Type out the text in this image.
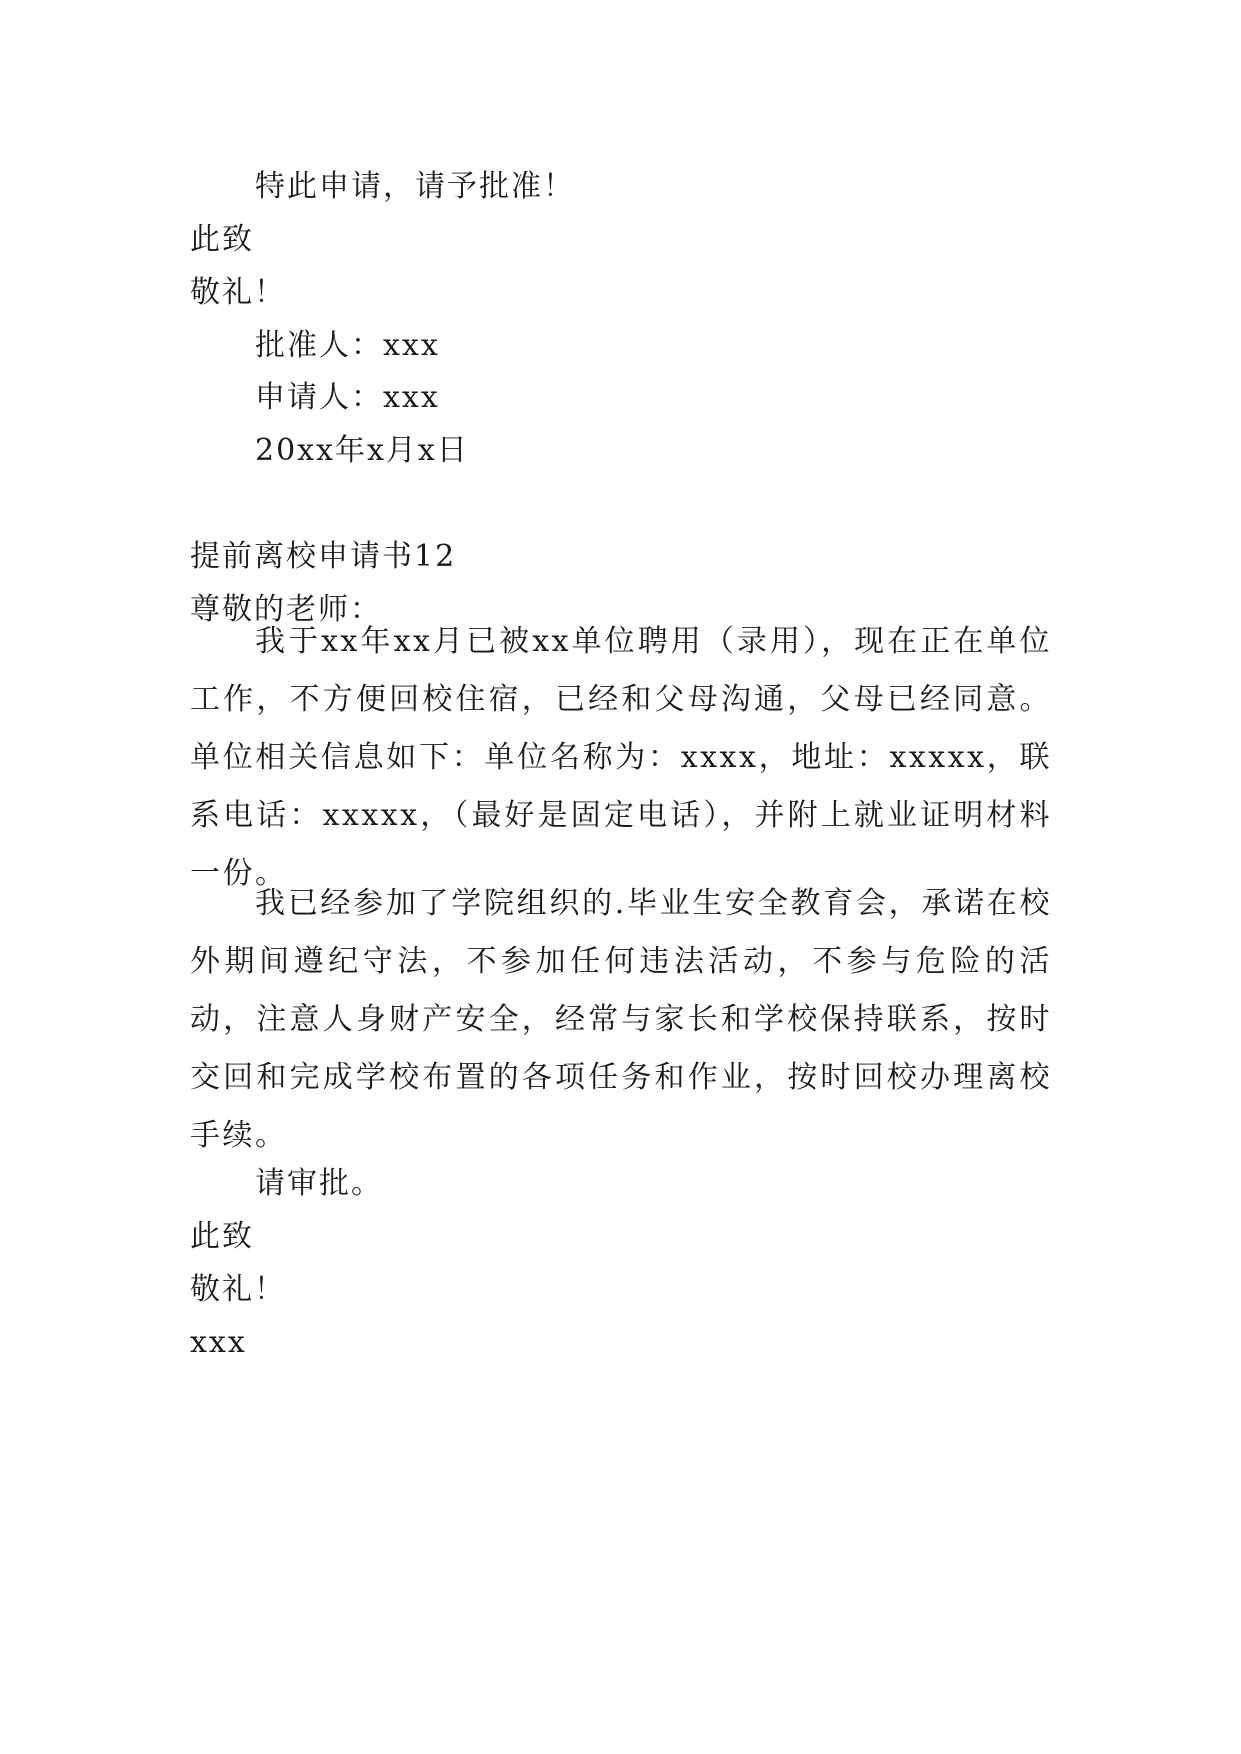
特此申请，请予批准！
此致
敬礼！
批准人：xxx
申请人：xxx
20xx年x月x日
提前离校申请书12
尊敬的老师：

我于xx年xx月已被xx单位聘用（录用），现在正在单位工作，不方便回校住宿，已经和父母沟通，父母已经同意。单位相关信息如下：单位名称为：xxxx，地址：xxxxx，联系电话：xxxxx，（最好是固定电话），并附上就业证明材料一份。

我已经参加了学院组织的.毕业生安全教育会，承诺在校外期间遵纪守法，不参加任何违法活动，不参与危险的活动，注意人身财产安全，经常与家长和学校保持联系，按时交回和完成学校布置的各项任务和作业，按时回校办理离校手续。

请审批。
此致
敬礼！
xxx
